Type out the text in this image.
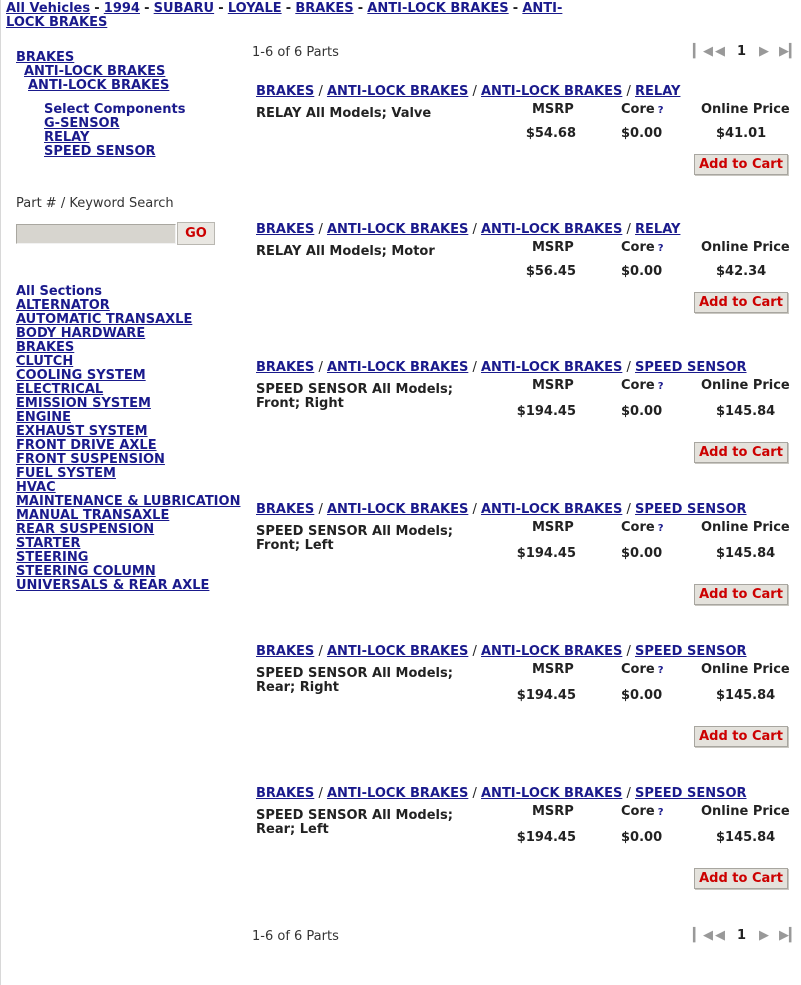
All Vehicles - 1994 - SUBARU - LOYALE - BRAKES - ANTI-LOCK BRAKES - ANTI-LOCK BRAKES
BRAKES
ANTI-LOCK BRAKES
ANTI-LOCK BRAKES
Select Components
G-SENSOR
RELAY
SPEED SENSOR
Part # / Keyword Search
GO
All Sections
ALTERNATOR
AUTOMATIC TRANSAXLE
BODY HARDWARE
BRAKES
CLUTCH
COOLING SYSTEM
ELECTRICAL
EMISSION SYSTEM
ENGINE
EXHAUST SYSTEM
FRONT DRIVE AXLE
FRONT SUSPENSION
FUEL SYSTEM
HVAC
MAINTENANCE & LUBRICATION
MANUAL TRANSAXLE
REAR SUSPENSION
STARTER
STEERING
STEERING COLUMN
UNIVERSALS & REAR AXLE
1-6 of 6 Parts	▎◀ ◀ 1 ▶ ▶▎
BRAKES / ANTI-LOCK BRAKES / ANTI-LOCK BRAKES / RELAY
RELAY All Models; Valve	MSRP	Core ?	Online Price
$54.68	$0.00	$41.01
Add to Cart
BRAKES / ANTI-LOCK BRAKES / ANTI-LOCK BRAKES / RELAY
RELAY All Models; Motor	MSRP	Core ?	Online Price
$56.45	$0.00	$42.34
Add to Cart
BRAKES / ANTI-LOCK BRAKES / ANTI-LOCK BRAKES / SPEED SENSOR
SPEED SENSOR All Models; Front; Right
MSRP	Core ?	Online Price
$194.45	$0.00	$145.84
Add to Cart
BRAKES / ANTI-LOCK BRAKES / ANTI-LOCK BRAKES / SPEED SENSOR
SPEED SENSOR All Models; Front; Left
MSRP	Core ?	Online Price
$194.45	$0.00	$145.84
Add to Cart
BRAKES / ANTI-LOCK BRAKES / ANTI-LOCK BRAKES / SPEED SENSOR
SPEED SENSOR All Models; Rear; Right
MSRP	Core ?	Online Price
$194.45	$0.00	$145.84
Add to Cart
BRAKES / ANTI-LOCK BRAKES / ANTI-LOCK BRAKES / SPEED SENSOR
SPEED SENSOR All Models; Rear; Left
MSRP	Core ?	Online Price
$194.45	$0.00	$145.84
Add to Cart
1-6 of 6 Parts	▎◀ ◀ 1 ▶ ▶▎
